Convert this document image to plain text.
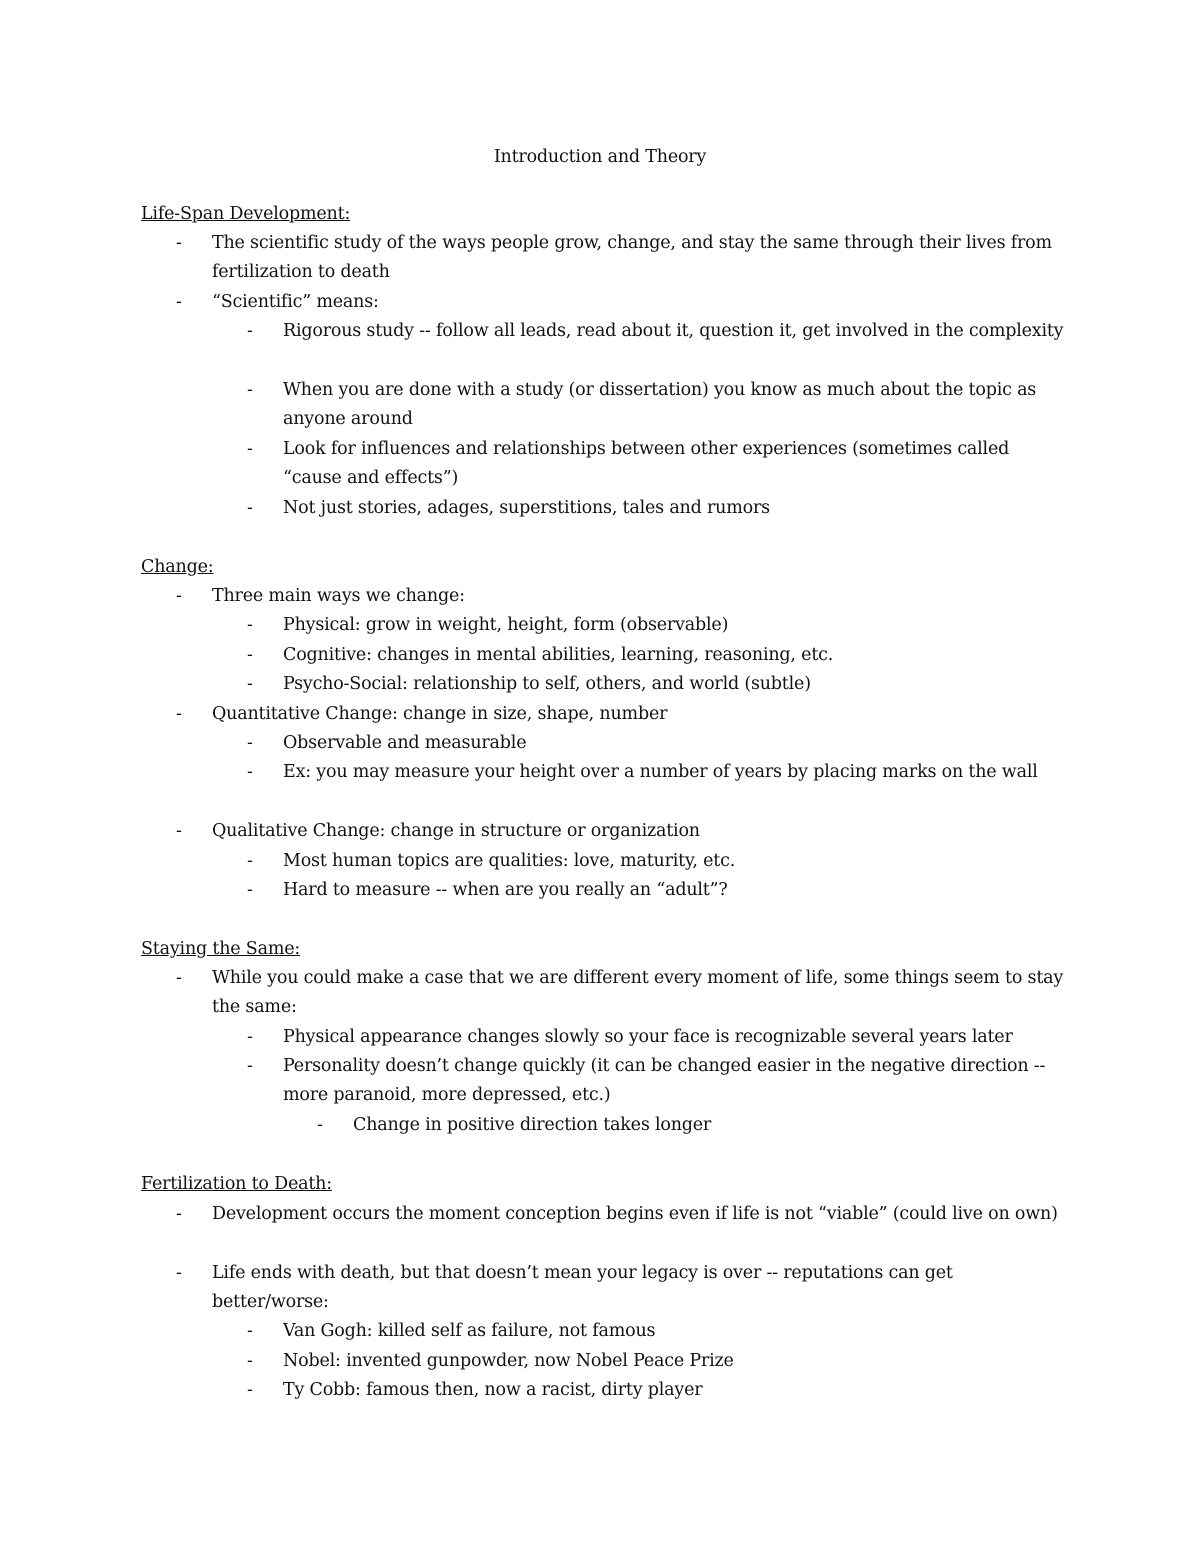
Introduction and Theory
Life-Span Development:
- The scientific study of the ways people grow, change, and stay the same through their lives from fertilization to death
- “Scientific” means:
- Rigorous study -- follow all leads, read about it, question it, get involved in the complexity
- When you are done with a study (or dissertation) you know as much about the topic as anyone around
- Look for influences and relationships between other experiences (sometimes called “cause and effects”)
- Not just stories, adages, superstitions, tales and rumors
Change:
- Three main ways we change:
- Physical: grow in weight, height, form (observable)
- Cognitive: changes in mental abilities, learning, reasoning, etc.
- Psycho-Social: relationship to self, others, and world (subtle)
- Quantitative Change: change in size, shape, number
- Observable and measurable
- Ex: you may measure your height over a number of years by placing marks on the wall
- Qualitative Change: change in structure or organization
- Most human topics are qualities: love, maturity, etc.
- Hard to measure -- when are you really an “adult”?
Staying the Same:
- While you could make a case that we are different every moment of life, some things seem to stay the same:
- Physical appearance changes slowly so your face is recognizable several years later
- Personality doesn’t change quickly (it can be changed easier in the negative direction -- more paranoid, more depressed, etc.)
- Change in positive direction takes longer
Fertilization to Death:
- Development occurs the moment conception begins even if life is not “viable” (could live on own)
- Life ends with death, but that doesn’t mean your legacy is over -- reputations can get better/worse:
- Van Gogh: killed self as failure, not famous
- Nobel: invented gunpowder, now Nobel Peace Prize
- Ty Cobb: famous then, now a racist, dirty player
